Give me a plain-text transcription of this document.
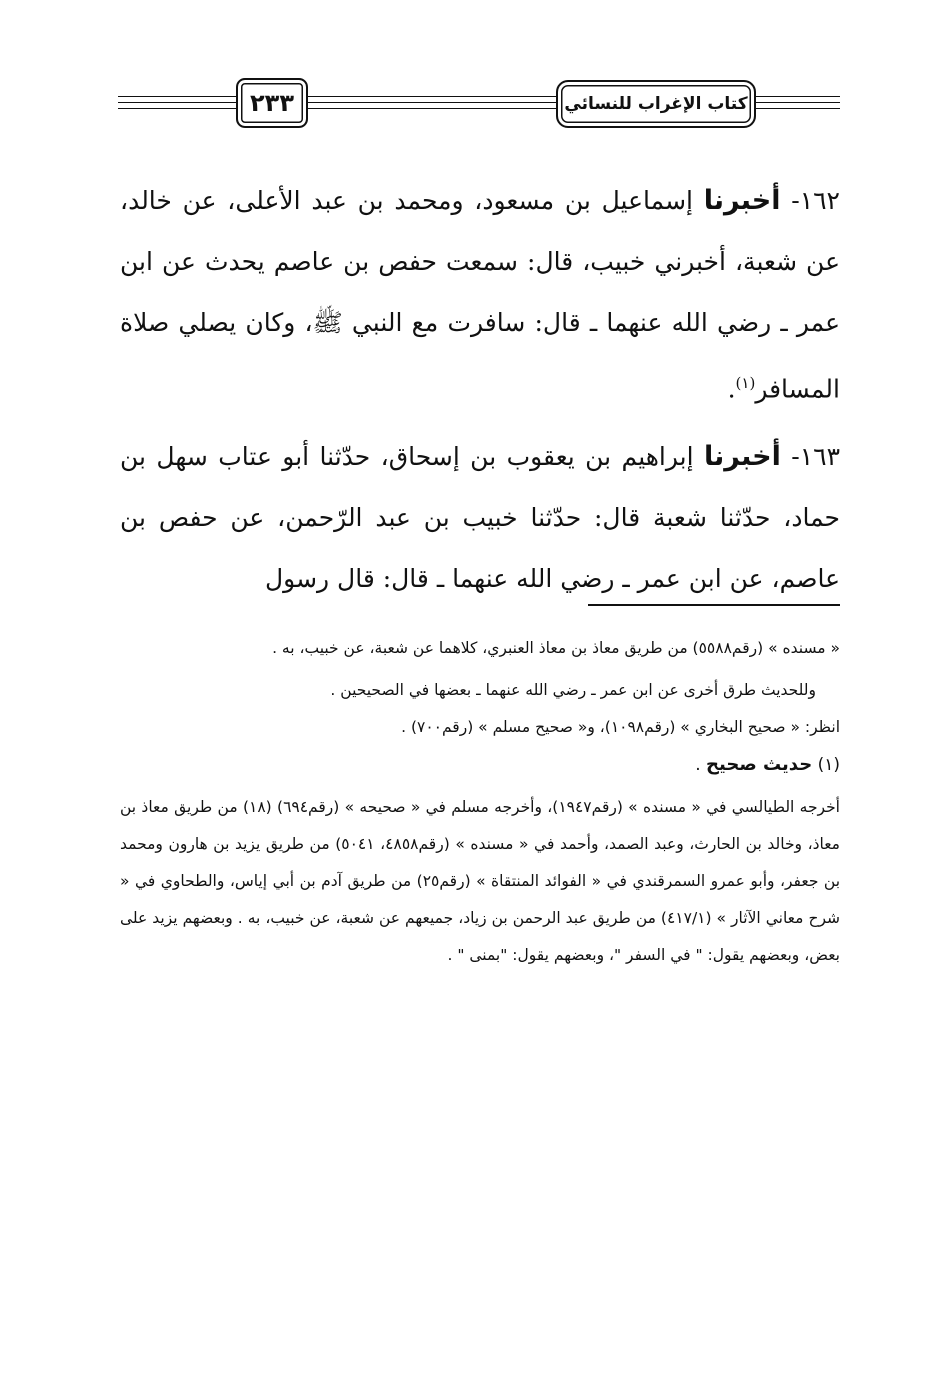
٢٣٣	كتاب الإغراب للنسائي

١٦٢- أخبرنا إسماعيل بن مسعود، ومحمد بن عبد الأعلى، عن خالد، عن شعبة، أخبرني خبيب، قال: سمعت حفص بن عاصم يحدث عن ابن عمر ـ رضي الله عنهما ـ قال: سافرت مع النبي ﷺ، وكان يصلي صلاة المسافر$^{(١)}$.

١٦٣- أخبرنا إبراهيم بن يعقوب بن إسحاق، حدّثنا أبو عتاب سهل بن حماد، حدّثنا شعبة قال: حدّثنا خبيب بن عبد الرّحمن، عن حفص بن عاصم، عن ابن عمر ـ رضي الله عنهما ـ قال: قال رسول

« مسنده » (رقم٥٥٨٨) من طريق معاذ بن معاذ العنبري، كلاهما عن شعبة، عن خبيب، به .

وللحديث طرق أخرى عن ابن عمر ـ رضي الله عنهما ـ بعضها في الصحيحين .

انظر: « صحيح البخاري » (رقم١٠٩٨)، و« صحيح مسلم » (رقم٧٠٠) .

(١) حديث صحيح .

أخرجه الطيالسي في « مسنده » (رقم١٩٤٧)، وأخرجه مسلم في « صحيحه » (رقم٦٩٤) (١٨) من طريق معاذ بن معاذ، وخالد بن الحارث، وعبد الصمد، وأحمد في « مسنده » (رقم٤٨٥٨، ٥٠٤١) من طريق يزيد بن هارون ومحمد بن جعفر، وأبو عمرو السمرقندي في « الفوائد المنتقاة » (رقم٢٥) من طريق آدم بن أبي إياس، والطحاوي في « شرح معاني الآثار » (٤١٧/١) من طريق عبد الرحمن بن زياد، جميعهم عن شعبة، عن خبيب، به . وبعضهم يزيد على بعض، وبعضهم يقول: " في السفر "، وبعضهم يقول: "بمنى " .
